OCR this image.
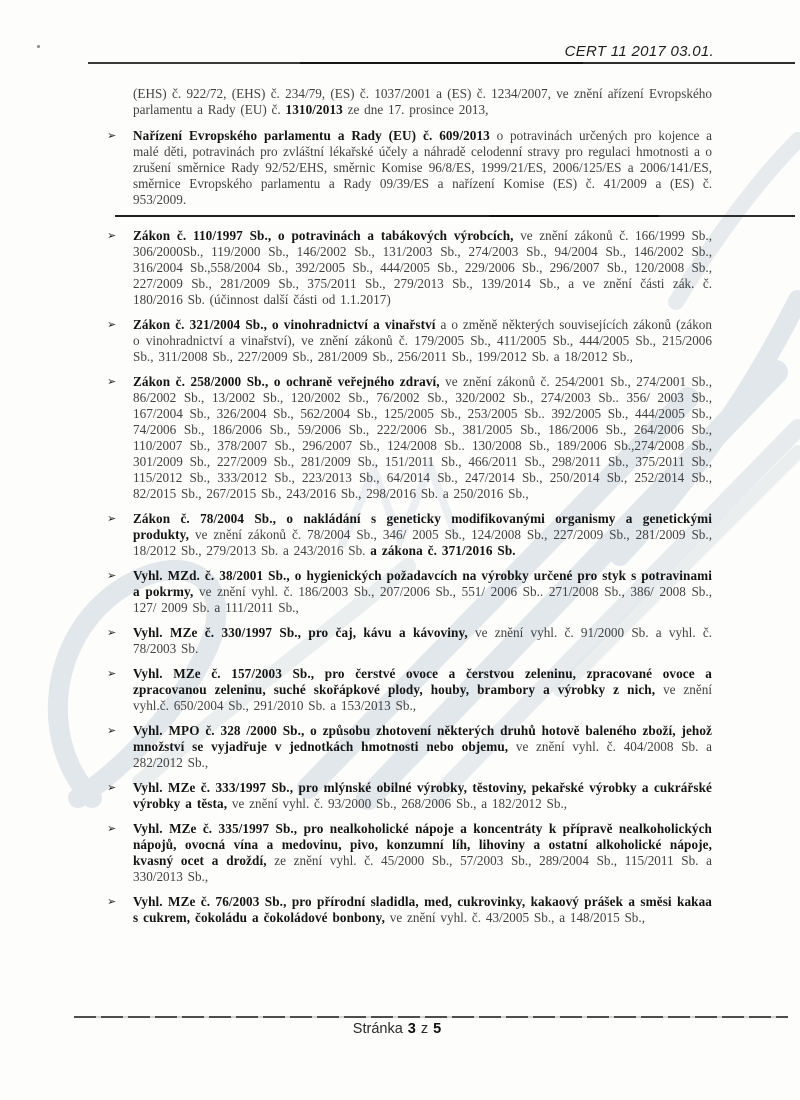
CERT 11 2017 03.01.

(EHS) č. 922/72, (EHS) č. 234/79, (ES) č. 1037/2001 a (ES) č. 1234/2007, ve znění ařízení Evropského parlamentu a Rady (EU) č. 1310/2013 ze dne 17. prosince 2013,

➢ Nařízení Evropského parlamentu a Rady (EU) č. 609/2013 o potravinách určených pro kojence a malé děti, potravinách pro zvláštní lékařské účely a náhradě celodenní stravy pro regulaci hmotnosti a o zrušení směrnice Rady 92/52/EHS, směrnic Komise 96/8/ES, 1999/21/ES, 2006/125/ES a 2006/141/ES, směrnice Evropského parlamentu a Rady 09/39/ES a nařízení Komise (ES) č. 41/2009 a (ES) č. 953/2009.

➢ Zákon č. 110/1997 Sb., o potravinách a tabákových výrobcích, ve znění zákonů č. 166/1999 Sb., 306/2000Sb., 119/2000 Sb., 146/2002 Sb., 131/2003 Sb., 274/2003 Sb., 94/2004 Sb., 146/2002 Sb., 316/2004 Sb.,558/2004 Sb., 392/2005 Sb., 444/2005 Sb., 229/2006 Sb., 296/2007 Sb., 120/2008 Sb., 227/2009 Sb., 281/2009 Sb., 375/2011 Sb., 279/2013 Sb., 139/2014 Sb., a ve znění části zák. č. 180/2016 Sb. (účinnost další části od 1.1.2017)

➢ Zákon č. 321/2004 Sb., o vinohradnictví a vinařství a o změně některých souvisejících zákonů (zákon o vinohradnictví a vinařství), ve znění zákonů č. 179/2005 Sb., 411/2005 Sb., 444/2005 Sb., 215/2006 Sb., 311/2008 Sb., 227/2009 Sb., 281/2009 Sb., 256/2011 Sb., 199/2012 Sb. a 18/2012 Sb.,

➢ Zákon č. 258/2000 Sb., o ochraně veřejného zdraví, ve znění zákonů č. 254/2001 Sb., 274/2001 Sb., 86/2002 Sb., 13/2002 Sb., 120/2002 Sb., 76/2002 Sb., 320/2002 Sb., 274/2003 Sb.. 356/ 2003 Sb., 167/2004 Sb., 326/2004 Sb., 562/2004 Sb., 125/2005 Sb., 253/2005 Sb.. 392/2005 Sb., 444/2005 Sb., 74/2006 Sb., 186/2006 Sb., 59/2006 Sb., 222/2006 Sb., 381/2005 Sb., 186/2006 Sb., 264/2006 Sb., 110/2007 Sb., 378/2007 Sb., 296/2007 Sb., 124/2008 Sb.. 130/2008 Sb., 189/2006 Sb.,274/2008 Sb., 301/2009 Sb., 227/2009 Sb., 281/2009 Sb., 151/2011 Sb., 466/2011 Sb., 298/2011 Sb., 375/2011 Sb., 115/2012 Sb., 333/2012 Sb., 223/2013 Sb., 64/2014 Sb., 247/2014 Sb., 250/2014 Sb., 252/2014 Sb., 82/2015 Sb., 267/2015 Sb., 243/2016 Sb., 298/2016 Sb. a 250/2016 Sb.,

➢ Zákon č. 78/2004 Sb., o nakládání s geneticky modifikovanými organismy a genetickými produkty, ve znění zákonů č. 78/2004 Sb., 346/ 2005 Sb., 124/2008 Sb., 227/2009 Sb., 281/2009 Sb., 18/2012 Sb., 279/2013 Sb. a 243/2016 Sb. a zákona č. 371/2016 Sb.

➢ Vyhl. MZd. č. 38/2001 Sb., o hygienických požadavcích na výrobky určené pro styk s potravinami a pokrmy, ve znění vyhl. č. 186/2003 Sb., 207/2006 Sb., 551/ 2006 Sb.. 271/2008 Sb., 386/ 2008 Sb., 127/ 2009 Sb. a 111/2011 Sb.,

➢ Vyhl. MZe č. 330/1997 Sb., pro čaj, kávu a kávoviny, ve znění vyhl. č. 91/2000 Sb. a vyhl. č. 78/2003 Sb.

➢ Vyhl. MZe č. 157/2003 Sb., pro čerstvé ovoce a čerstvou zeleninu, zpracované ovoce a zpracovanou zeleninu, suché skořápkové plody, houby, brambory a výrobky z nich, ve znění vyhl.č. 650/2004 Sb., 291/2010 Sb. a 153/2013 Sb.,

➢ Vyhl. MPO č. 328 /2000 Sb., o způsobu zhotovení některých druhů hotově baleného zboží, jehož množství se vyjadřuje v jednotkách hmotnosti nebo objemu, ve znění vyhl. č. 404/2008 Sb. a 282/2012 Sb.,

➢ Vyhl. MZe č. 333/1997 Sb., pro mlýnské obilné výrobky, těstoviny, pekařské výrobky a cukrářské výrobky a těsta, ve znění vyhl. č. 93/2000 Sb., 268/2006 Sb., a 182/2012 Sb.,

➢ Vyhl. MZe č. 335/1997 Sb., pro nealkoholické nápoje a koncentráty k přípravě nealkoholických nápojů, ovocná vína a medovinu, pivo, konzumní líh, lihoviny a ostatní alkoholické nápoje, kvasný ocet a droždí, ze znění vyhl. č. 45/2000 Sb., 57/2003 Sb., 289/2004 Sb., 115/2011 Sb. a 330/2013 Sb.,

➢ Vyhl. MZe č. 76/2003 Sb., pro přírodní sladidla, med, cukrovinky, kakaový prášek a směsi kakaa s cukrem, čokoládu a čokoládové bonbony, ve znění vyhl. č. 43/2005 Sb., a 148/2015 Sb.,

Stránka 3 z 5
